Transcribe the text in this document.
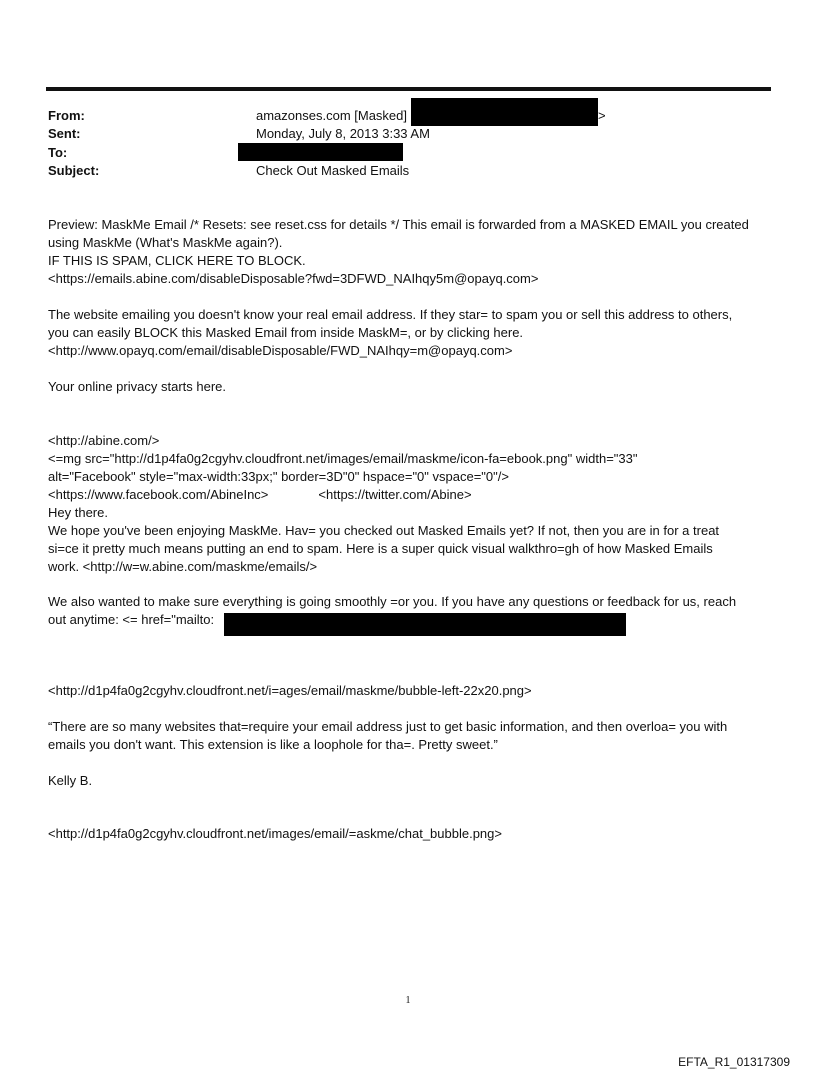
From:	amazonses.com [Masked]	>
Sent:	Monday, July 8, 2013 3:33 AM
To:
Subject:	Check Out Masked Emails

Preview: MaskMe Email /* Resets: see reset.css for details */ This email is forwarded from a MASKED EMAIL you created

using MaskMe (What's MaskMe again?).

IF THIS IS SPAM, CLICK HERE TO BLOCK.

<https://emails.abine.com/disableDisposable?fwd=3DFWD_NAIhqy5m@opayq.com>

The website emailing you doesn't know your real email address. If they star= to spam you or sell this address to others,

you can easily BLOCK this Masked Email from inside MaskM=, or by clicking here.

<http://www.opayq.com/email/disableDisposable/FWD_NAIhqy=m@opayq.com>

Your online privacy starts here.

<http://abine.com/>

<=mg src="http://d1p4fa0g2cgyhv.cloudfront.net/images/email/maskme/icon-fa=ebook.png" width="33"

alt="Facebook" style="max-width:33px;" border=3D"0" hspace="0" vspace="0"/>

<https://www.facebook.com/AbineInc>	<https://twitter.com/Abine>

Hey there.

We hope you've been enjoying MaskMe. Hav= you checked out Masked Emails yet? If not, then you are in for a treat

si=ce it pretty much means putting an end to spam. Here is a super quick visual walkthro=gh of how Masked Emails

work. <http://w=w.abine.com/maskme/emails/>

We also wanted to make sure everything is going smoothly =or you. If you have any questions or feedback for us, reach

out anytime: <= href="mailto:

<http://d1p4fa0g2cgyhv.cloudfront.net/i=ages/email/maskme/bubble-left-22x20.png>

“There are so many websites that=require your email address just to get basic information, and then overloa= you with

emails you don't want. This extension is like a loophole for tha=. Pretty sweet.”

Kelly B.

<http://d1p4fa0g2cgyhv.cloudfront.net/images/email/=askme/chat_bubble.png>

1
EFTA_R1_01317309
